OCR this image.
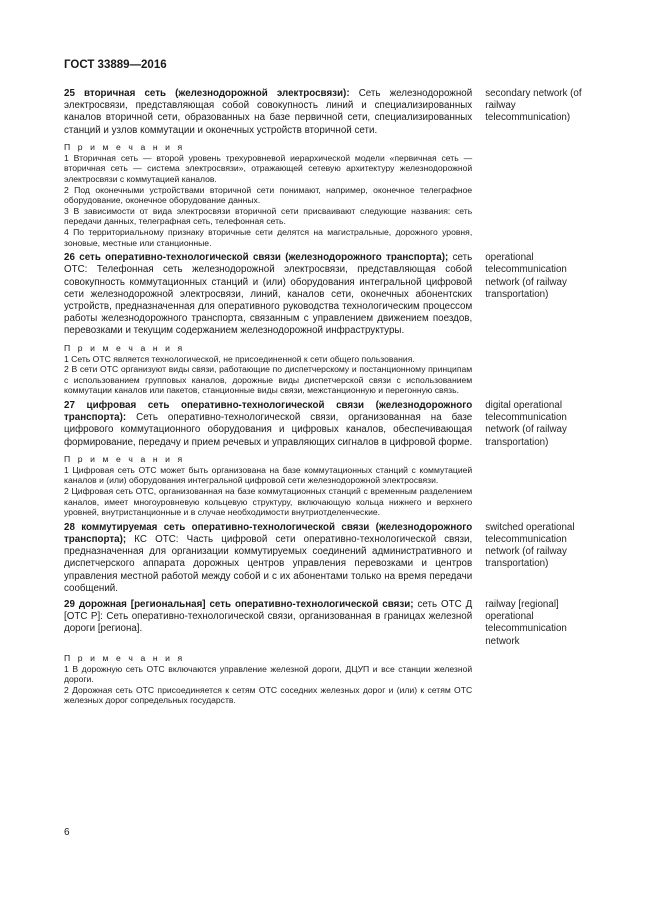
ГОСТ 33889—2016
25 вторичная сеть (железнодорожной электросвязи): Сеть железнодорожной электросвязи, представляющая собой совокупность линий и специализированных каналов вторичной сети, образованных на базе первичной сети, специализированных станций и узлов коммутации и оконечных устройств вторичной сети.
П р и м е ч а н и я
1 Вторичная сеть — второй уровень трехуровневой иерархической модели «первичная сеть — вторичная сеть — система электросвязи», отражающей сетевую архитектуру железнодорожной электросвязи с коммутацией каналов.
2 Под оконечными устройствами вторичной сети понимают, например, оконечное телеграфное оборудование, оконечное оборудование данных.
3 В зависимости от вида электросвязи вторичной сети присваивают следующие названия: сеть передачи данных, телеграфная сеть, телефонная сеть.
4 По территориальному признаку вторичные сети делятся на магистральные, дорожного уровня, зоновые, местные или станционные.
secondary network (of railway telecommunication)
26 сеть оперативно-технологической связи (железнодорожного транспорта); сеть ОТС: Телефонная сеть железнодорожной электросвязи, представляющая собой совокупность коммутационных станций и (или) оборудования интегральной цифровой сети железнодорожной электросвязи, линий, каналов сети, оконечных абонентских устройств, предназначенная для оперативного руководства технологическим процессом работы железнодорожного транспорта, связанным с управлением движением поездов, перевозками и текущим содержанием железнодорожной инфраструктуры.
П р и м е ч а н и я
1 Сеть ОТС является технологической, не присоединенной к сети общего пользования.
2 В сети ОТС организуют виды связи, работающие по диспетчерскому и постанционному принципам с использованием групповых каналов, дорожные виды диспетчерской связи с использованием коммутации каналов или пакетов, станционные виды связи, межстанционную и перегонную связь.
operational telecommunication network (of railway transportation)
27 цифровая сеть оперативно-технологической связи (железнодорожного транспорта): Сеть оперативно-технологической связи, организованная на базе цифрового коммутационного оборудования и цифровых каналов, обеспечивающая формирование, передачу и прием речевых и управляющих сигналов в цифровой форме.
П р и м е ч а н и я
1 Цифровая сеть ОТС может быть организована на базе коммутационных станций с коммутацией каналов и (или) оборудования интегральной цифровой сети железнодорожной электросвязи.
2 Цифровая сеть ОТС, организованная на базе коммутационных станций с временным разделением каналов, имеет многоуровневую кольцевую структуру, включающую кольца нижнего и верхнего уровней, внутристанционные и в случае необходимости внутриотделенческие.
digital operational telecommunication network (of railway transportation)
28 коммутируемая сеть оперативно-технологической связи (железнодорожного транспорта); КС ОТС: Часть цифровой сети оперативно-технологической связи, предназначенная для организации коммутируемых соединений административного и диспетчерского аппарата дорожных центров управления перевозками и центров управления местной работой между собой и с их абонентами только на время передачи сообщений.
switched operational telecommunication network (of railway transportation)
29 дорожная [региональная] сеть оперативно-технологической связи; сеть ОТС Д [ОТС Р]: Сеть оперативно-технологической связи, организованная в границах железной дороги [региона].
П р и м е ч а н и я
1 В дорожную сеть ОТС включаются управление железной дороги, ДЦУП и все станции железной дороги.
2 Дорожная сеть ОТС присоединяется к сетям ОТС соседних железных дорог и (или) к сетям ОТС железных дорог сопредельных государств.
railway [regional] operational telecommunication network
6
